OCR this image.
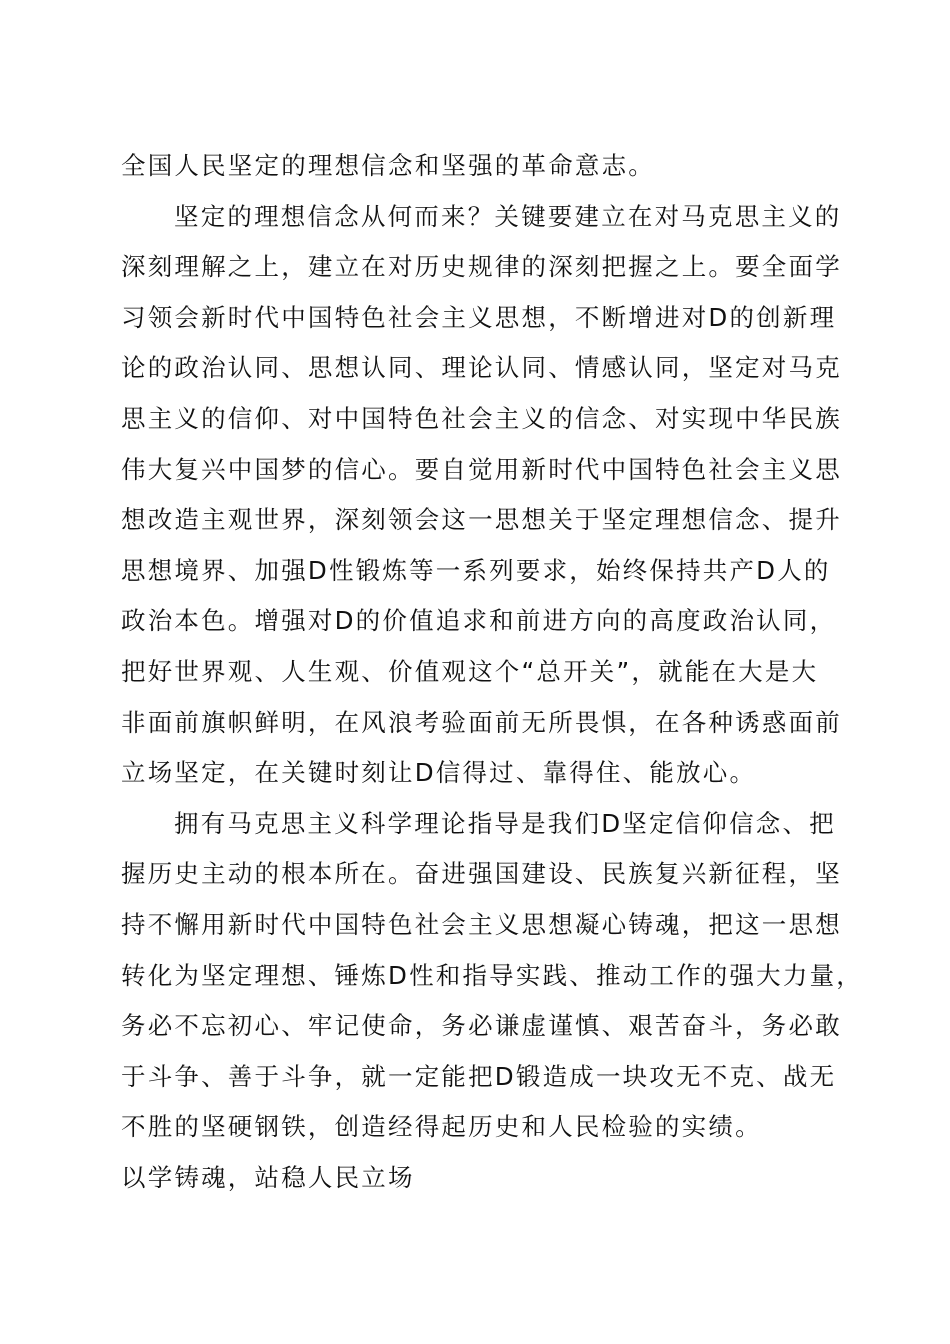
全国人民坚定的理想信念和坚强的革命意志。
坚定的理想信念从何而来？关键要建立在对马克思主义的
深刻理解之上，建立在对历史规律的深刻把握之上。要全面学
习领会新时代中国特色社会主义思想，不断增进对D的创新理
论的政治认同、思想认同、理论认同、情感认同，坚定对马克
思主义的信仰、对中国特色社会主义的信念、对实现中华民族
伟大复兴中国梦的信心。要自觉用新时代中国特色社会主义思
想改造主观世界，深刻领会这一思想关于坚定理想信念、提升
思想境界、加强D性锻炼等一系列要求，始终保持共产D人的
政治本色。增强对D的价值追求和前进方向的高度政治认同，
把好世界观、人生观、价值观这个“总开关”，就能在大是大
非面前旗帜鲜明，在风浪考验面前无所畏惧，在各种诱惑面前
立场坚定，在关键时刻让D信得过、靠得住、能放心。
拥有马克思主义科学理论指导是我们D坚定信仰信念、把
握历史主动的根本所在。奋进强国建设、民族复兴新征程，坚
持不懈用新时代中国特色社会主义思想凝心铸魂，把这一思想
转化为坚定理想、锤炼D性和指导实践、推动工作的强大力量，
务必不忘初心、牢记使命，务必谦虚谨慎、艰苦奋斗，务必敢
于斗争、善于斗争，就一定能把D锻造成一块攻无不克、战无
不胜的坚硬钢铁，创造经得起历史和人民检验的实绩。
以学铸魂，站稳人民立场
